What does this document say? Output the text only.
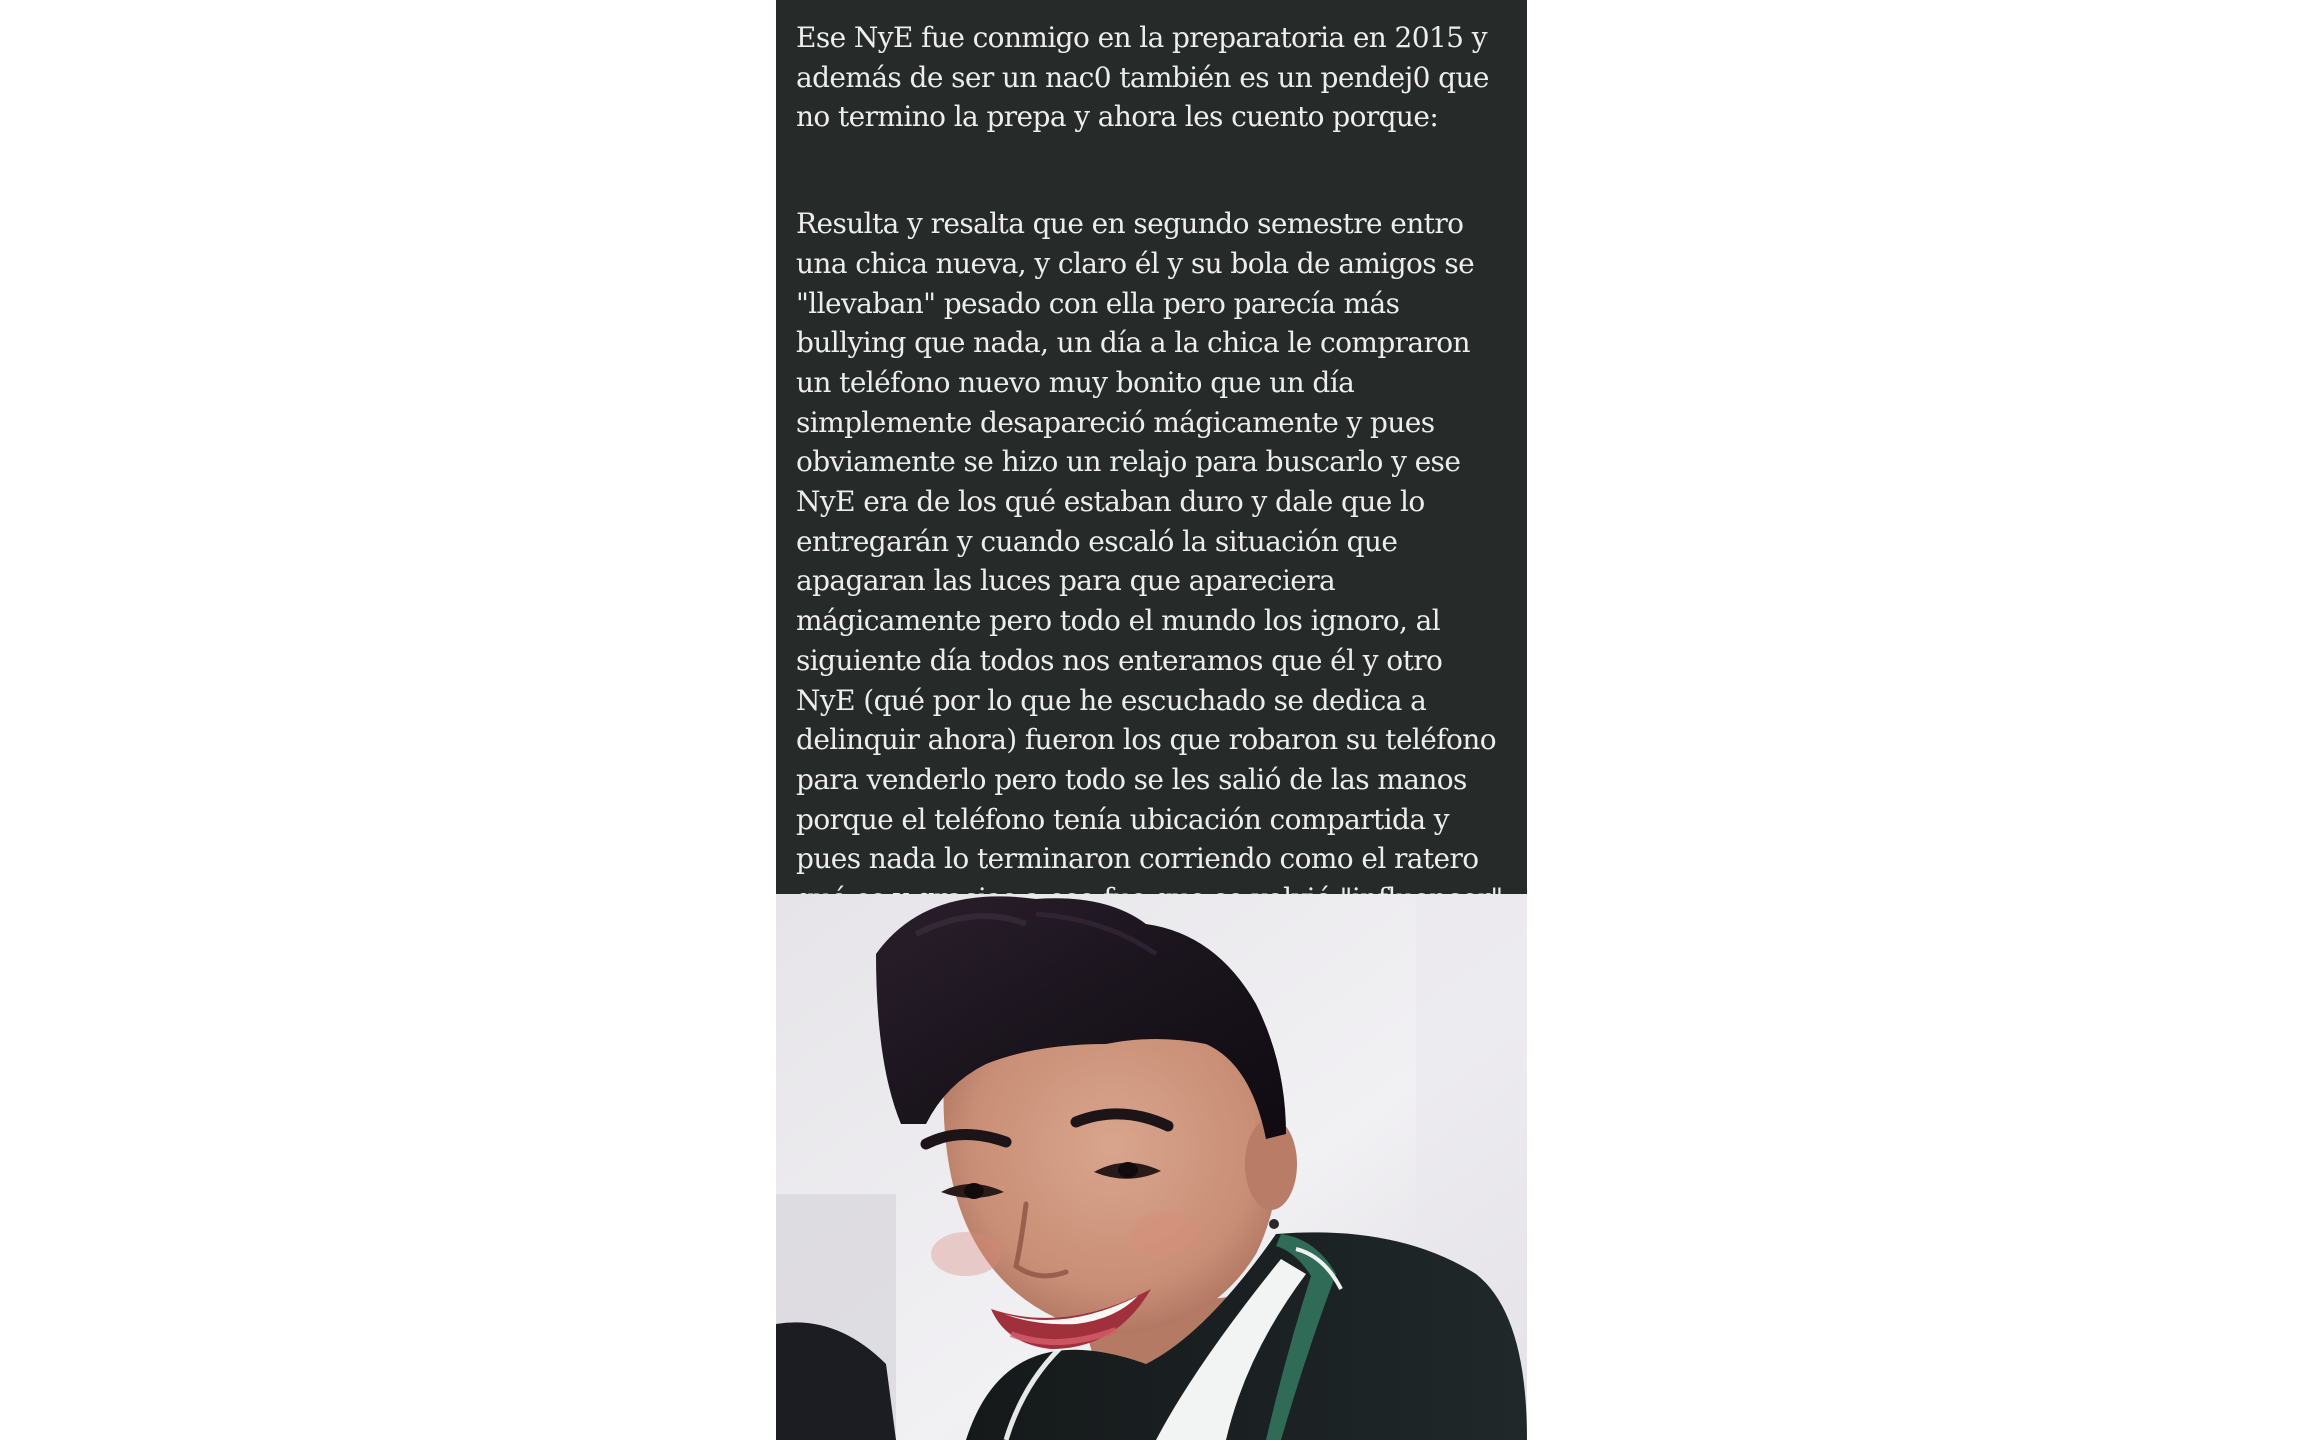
Ese NyE fue conmigo en la preparatoria en 2015 y además de ser un nac0 también es un pendej0 que no termino la prepa y ahora les cuento porque:

Resulta y resalta que en segundo semestre entro una chica nueva, y claro él y su bola de amigos se "llevaban" pesado con ella pero parecía más bullying que nada, un día a la chica le compraron un teléfono nuevo muy bonito que un día simplemente desapareció mágicamente y pues obviamente se hizo un relajo para buscarlo y ese NyE era de los qué estaban duro y dale que lo entregarán y cuando escaló la situación que apagaran las luces para que apareciera mágicamente pero todo el mundo los ignoro, al siguiente día todos nos enteramos que él y otro NyE (qué por lo que he escuchado se dedica a delinquir ahora) fueron los que robaron su teléfono para venderlo pero todo se les salió de las manos porque el teléfono tenía ubicación compartida y pues nada lo terminaron corriendo como el ratero
